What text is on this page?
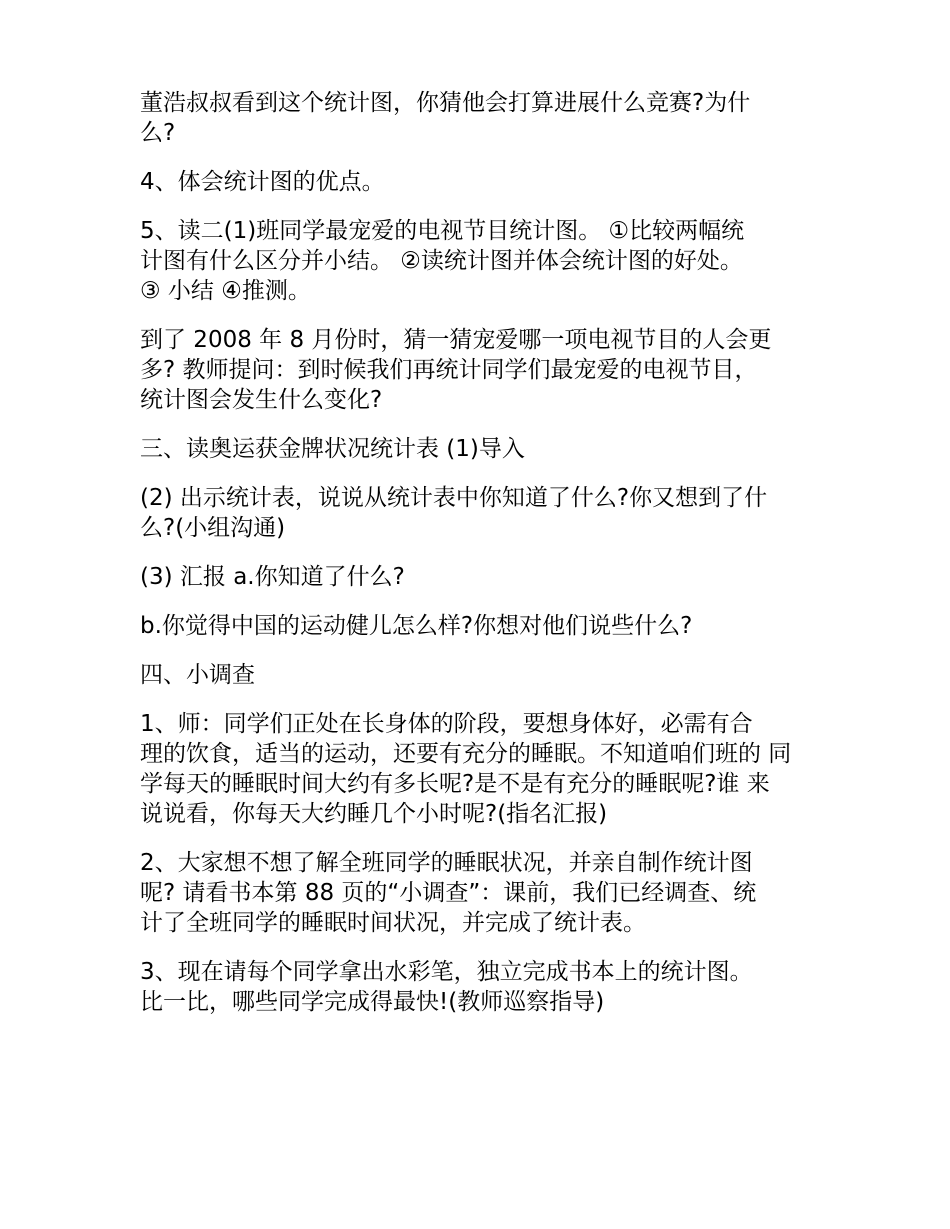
董浩叔叔看到这个统计图，你猜他会打算进展什么竞赛?为什
么?

4、体会统计图的优点。

5、读二(1)班同学最宠爱的电视节目统计图。 ①比较两幅统
计图有什么区分并小结。 ②读统计图并体会统计图的好处。
③ 小结 ④推测。

到了 2008 年 8 月份时，猜一猜宠爱哪一项电视节目的人会更
多? 教师提问：到时候我们再统计同学们最宠爱的电视节目，
统计图会发生什么变化?

三、读奥运获金牌状况统计表 (1)导入

(2) 出示统计表，说说从统计表中你知道了什么?你又想到了什
么?(小组沟通)

(3) 汇报 a.你知道了什么?

b.你觉得中国的运动健儿怎么样?你想对他们说些什么?

四、小调查

1、师：同学们正处在长身体的阶段，要想身体好，必需有合
理的饮食，适当的运动，还要有充分的睡眠。不知道咱们班的 同
学每天的睡眠时间大约有多长呢?是不是有充分的睡眠呢?谁 来
说说看，你每天大约睡几个小时呢?(指名汇报)

2、大家想不想了解全班同学的睡眠状况，并亲自制作统计图
呢? 请看书本第 88 页的“小调查”：课前，我们已经调查、统
计了全班同学的睡眠时间状况，并完成了统计表。

3、现在请每个同学拿出水彩笔，独立完成书本上的统计图。
比一比，哪些同学完成得最快!(教师巡察指导)
